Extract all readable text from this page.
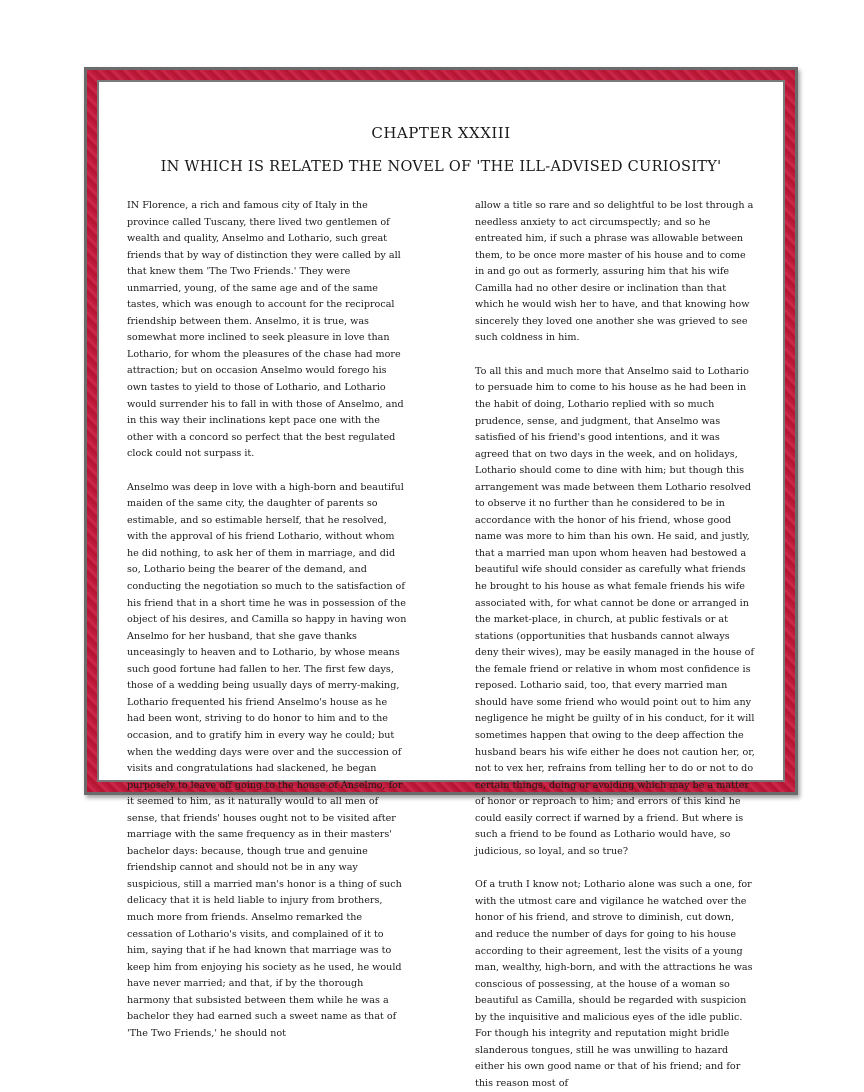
CHAPTER XXXIII
IN WHICH IS RELATED THE NOVEL OF 'THE ILL-ADVISED CURIOSITY'

IN Florence, a rich and famous city of Italy in the province called Tuscany, there lived two gentlemen of wealth and quality, Anselmo and Lothario, such great friends that by way of distinction they were called by all that knew them 'The Two Friends.' They were unmarried, young, of the same age and of the same tastes, which was enough to account for the reciprocal friendship between them. Anselmo, it is true, was somewhat more inclined to seek pleasure in love than Lothario, for whom the pleasures of the chase had more attraction; but on occasion Anselmo would forego his own tastes to yield to those of Lothario, and Lothario would surrender his to fall in with those of Anselmo, and in this way their inclinations kept pace one with the other with a concord so perfect that the best regulated clock could not surpass it.

Anselmo was deep in love with a high-born and beautiful maiden of the same city, the daughter of parents so estimable, and so estimable herself, that he resolved, with the approval of his friend Lothario, without whom he did nothing, to ask her of them in marriage, and did so, Lothario being the bearer of the demand, and conducting the negotiation so much to the satisfaction of his friend that in a short time he was in possession of the object of his desires, and Camilla so happy in having won Anselmo for her husband, that she gave thanks unceasingly to heaven and to Lothario, by whose means such good fortune had fallen to her. The first few days, those of a wedding being usually days of merry-making, Lothario frequented his friend Anselmo's house as he had been wont, striving to do honor to him and to the occasion, and to gratify him in every way he could; but when the wedding days were over and the succession of visits and congratulations had slackened, he began purposely to leave off going to the house of Anselmo, for it seemed to him, as it naturally would to all men of sense, that friends' houses ought not to be visited after marriage with the same frequency as in their masters' bachelor days: because, though true and genuine friendship cannot and should not be in any way suspicious, still a married man's honor is a thing of such delicacy that it is held liable to injury from brothers, much more from friends. Anselmo remarked the cessation of Lothario's visits, and complained of it to him, saying that if he had known that marriage was to keep him from enjoying his society as he used, he would have never married; and that, if by the thorough harmony that subsisted between them while he was a bachelor they had earned such a sweet name as that of 'The Two Friends,' he should not

allow a title so rare and so delightful to be lost through a needless anxiety to act circumspectly; and so he entreated him, if such a phrase was allowable between them, to be once more master of his house and to come in and go out as formerly, assuring him that his wife Camilla had no other desire or inclination than that which he would wish her to have, and that knowing how sincerely they loved one another she was grieved to see such coldness in him.

To all this and much more that Anselmo said to Lothario to persuade him to come to his house as he had been in the habit of doing, Lothario replied with so much prudence, sense, and judgment, that Anselmo was satisfied of his friend's good intentions, and it was agreed that on two days in the week, and on holidays, Lothario should come to dine with him; but though this arrangement was made between them Lothario resolved to observe it no further than he considered to be in accordance with the honor of his friend, whose good name was more to him than his own. He said, and justly, that a married man upon whom heaven had bestowed a beautiful wife should consider as carefully what friends he brought to his house as what female friends his wife associated with, for what cannot be done or arranged in the market-place, in church, at public festivals or at stations (opportunities that husbands cannot always deny their wives), may be easily managed in the house of the female friend or relative in whom most confidence is reposed. Lothario said, too, that every married man should have some friend who would point out to him any negligence he might be guilty of in his conduct, for it will sometimes happen that owing to the deep affection the husband bears his wife either he does not caution her, or, not to vex her, refrains from telling her to do or not to do certain things, doing or avoiding which may be a matter of honor or reproach to him; and errors of this kind he could easily correct if warned by a friend. But where is such a friend to be found as Lothario would have, so judicious, so loyal, and so true?

Of a truth I know not; Lothario alone was such a one, for with the utmost care and vigilance he watched over the honor of his friend, and strove to diminish, cut down, and reduce the number of days for going to his house according to their agreement, lest the visits of a young man, wealthy, high-born, and with the attractions he was conscious of possessing, at the house of a woman so beautiful as Camilla, should be regarded with suspicion by the inquisitive and malicious eyes of the idle public. For though his integrity and reputation might bridle slanderous tongues, still he was unwilling to hazard either his own good name or that of his friend; and for this reason most of
